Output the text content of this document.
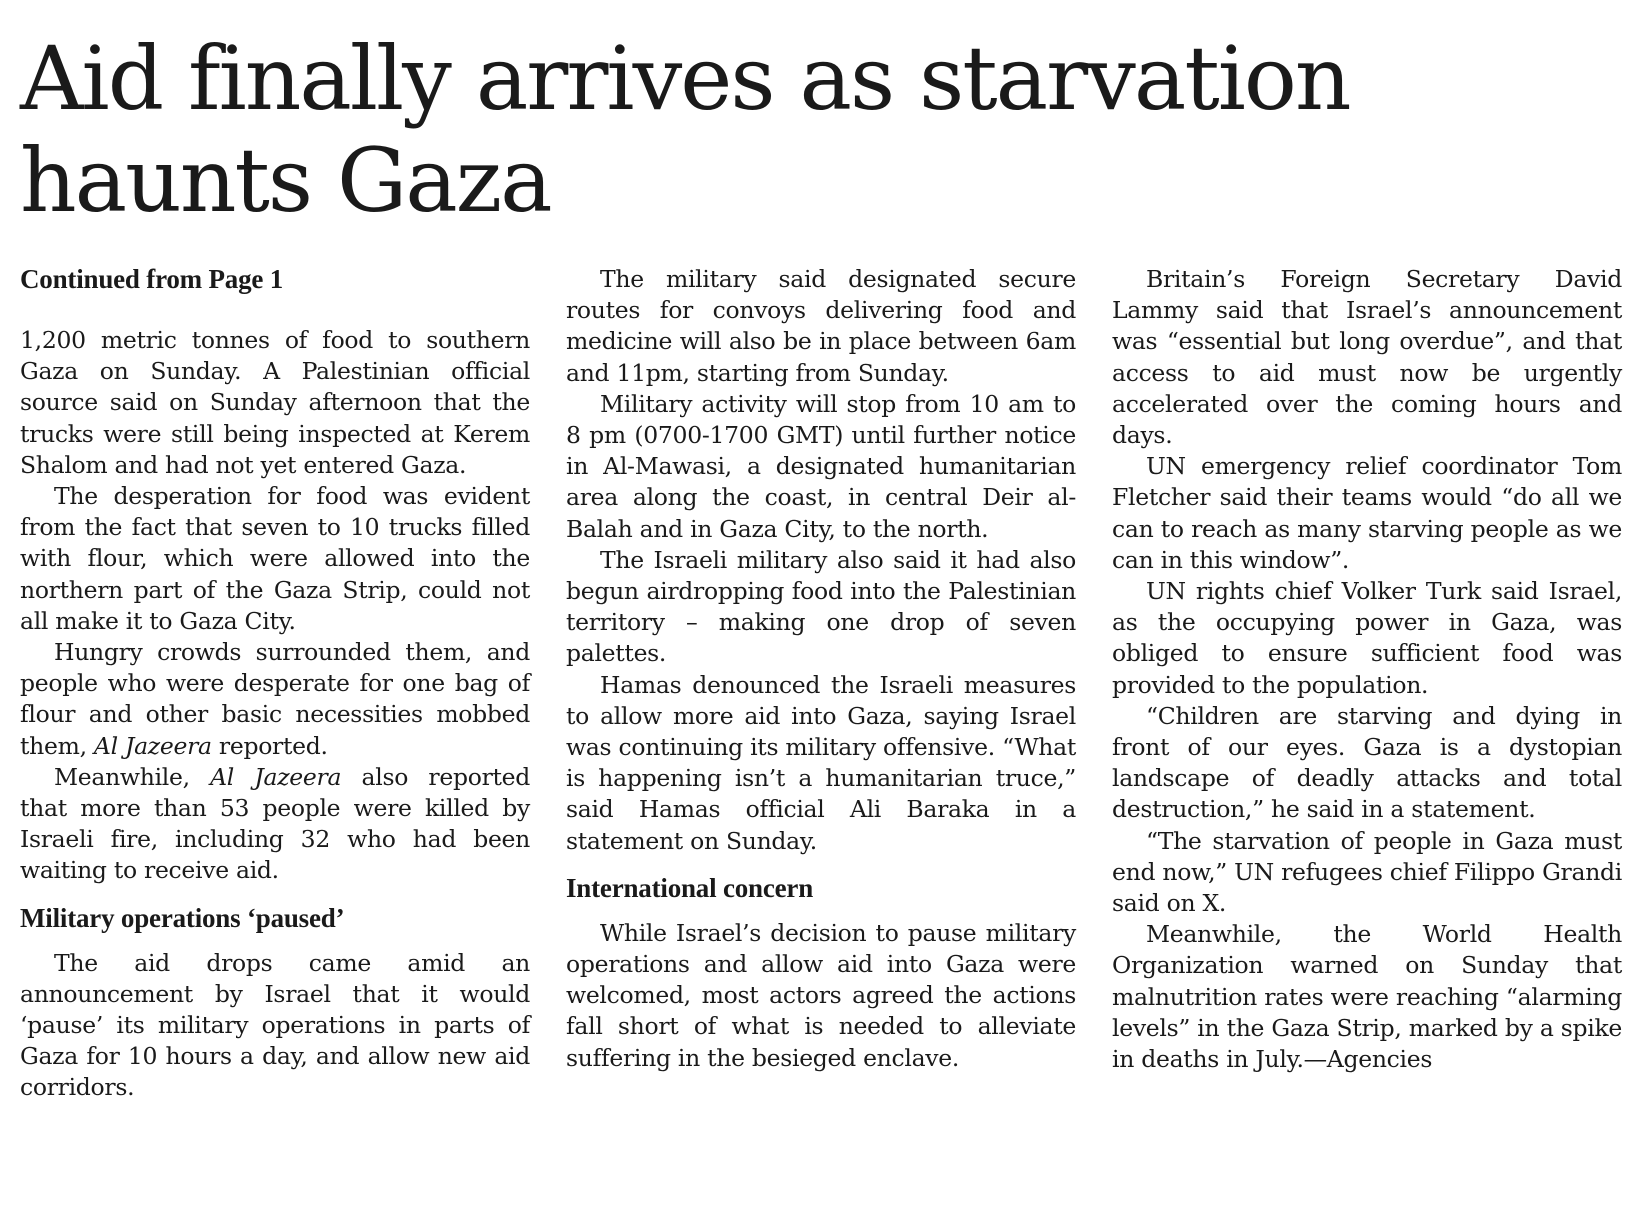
Aid finally arrives as starvation haunts Gaza
Continued from Page 1

1,200 metric tonnes of food to southern Gaza on Sunday. A Palestinian official source said on Sunday afternoon that the trucks were still being inspected at Kerem Shalom and had not yet entered Gaza.

The desperation for food was evident from the fact that seven to 10 trucks filled with flour, which were allowed into the northern part of the Gaza Strip, could not all make it to Gaza City.

Hungry crowds surrounded them, and people who were desperate for one bag of flour and other basic necessities mobbed them, Al Jazeera reported.

Meanwhile, Al Jazeera also reported that more than 53 people were killed by Israeli fire, including 32 who had been waiting to receive aid.

Military operations ‘paused’

The aid drops came amid an announcement by Israel that it would ‘pause’ its military operations in parts of Gaza for 10 hours a day, and allow new aid corridors.

The military said designated secure routes for convoys delivering food and medicine will also be in place between 6am and 11pm, starting from Sunday.

Military activity will stop from 10 am to 8 pm (0700-1700 GMT) until further notice in Al-Mawasi, a designated humanitarian area along the coast, in central Deir al-Balah and in Gaza City, to the north.

The Israeli military also said it had also begun airdropping food into the Palestinian territory – making one drop of seven palettes.

Hamas denounced the Israeli measures to allow more aid into Gaza, saying Israel was continuing its military offensive. “What is happening isn’t a humanitarian truce,” said Hamas official Ali Baraka in a statement on Sunday.

International concern

While Israel’s decision to pause military operations and allow aid into Gaza were welcomed, most actors agreed the actions fall short of what is needed to alleviate suffering in the besieged enclave.

Britain’s Foreign Secretary David Lammy said that Israel’s announcement was “essential but long overdue”, and that access to aid must now be urgently accelerated over the coming hours and days.

UN emergency relief coordinator Tom Fletcher said their teams would “do all we can to reach as many starving people as we can in this window”.

UN rights chief Volker Turk said Israel, as the occupying power in Gaza, was obliged to ensure sufficient food was provided to the population.

“Children are starving and dying in front of our eyes. Gaza is a dystopian landscape of deadly attacks and total destruction,” he said in a statement.

“The starvation of people in Gaza must end now,” UN refugees chief Filippo Grandi said on X.

Meanwhile, the World Health Organization warned on Sunday that malnutrition rates were reaching “alarming levels” in the Gaza Strip, marked by a spike in deaths in July.—Agencies
